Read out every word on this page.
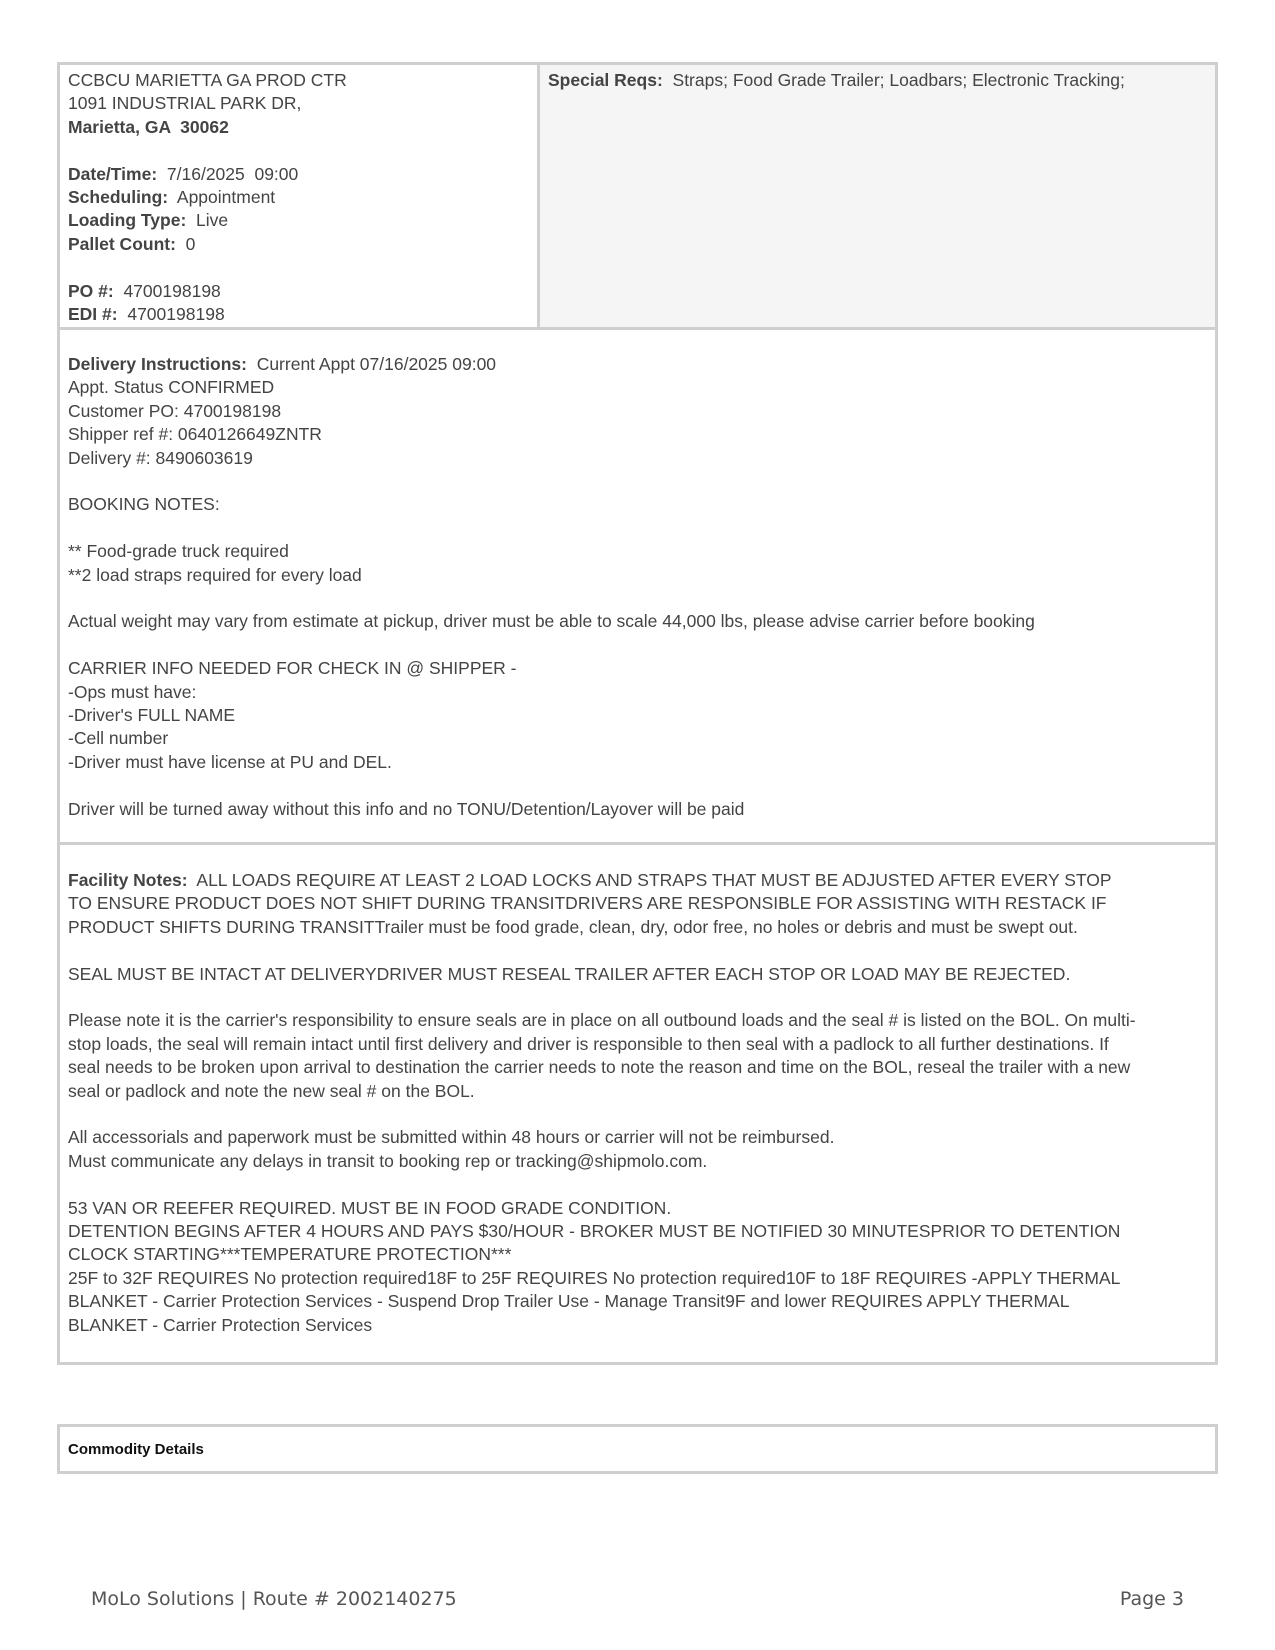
CCBCU MARIETTA GA PROD CTR
1091 INDUSTRIAL PARK DR,
Marietta, GA  30062
Date/Time: 7/16/2025  09:00
Scheduling: Appointment
Loading Type: Live
Pallet Count: 0
PO #: 4700198198
EDI #: 4700198198
Special Reqs: Straps; Food Grade Trailer; Loadbars; Electronic Tracking;
Delivery Instructions: Current Appt 07/16/2025 09:00
Appt. Status CONFIRMED
Customer PO: 4700198198
Shipper ref #: 0640126649ZNTR
Delivery #: 8490603619
BOOKING NOTES:
** Food-grade truck required
**2 load straps required for every load
Actual weight may vary from estimate at pickup, driver must be able to scale 44,000 lbs, please advise carrier before booking
CARRIER INFO NEEDED FOR CHECK IN @ SHIPPER -
-Ops must have:
-Driver's FULL NAME
-Cell number
-Driver must have license at PU and DEL.
Driver will be turned away without this info and no TONU/Detention/Layover will be paid
Facility Notes: ALL LOADS REQUIRE AT LEAST 2 LOAD LOCKS AND STRAPS THAT MUST BE ADJUSTED AFTER EVERY STOP
TO ENSURE PRODUCT DOES NOT SHIFT DURING TRANSITDRIVERS ARE RESPONSIBLE FOR ASSISTING WITH RESTACK IF
PRODUCT SHIFTS DURING TRANSITTrailer must be food grade, clean, dry, odor free, no holes or debris and must be swept out.
SEAL MUST BE INTACT AT DELIVERYDRIVER MUST RESEAL TRAILER AFTER EACH STOP OR LOAD MAY BE REJECTED.
Please note it is the carrier's responsibility to ensure seals are in place on all outbound loads and the seal # is listed on the BOL. On multi-
stop loads, the seal will remain intact until first delivery and driver is responsible to then seal with a padlock to all further destinations. If
seal needs to be broken upon arrival to destination the carrier needs to note the reason and time on the BOL, reseal the trailer with a new
seal or padlock and note the new seal # on the BOL.
All accessorials and paperwork must be submitted within 48 hours or carrier will not be reimbursed.
Must communicate any delays in transit to booking rep or tracking@shipmolo.com.
53 VAN OR REEFER REQUIRED. MUST BE IN FOOD GRADE CONDITION.
DETENTION BEGINS AFTER 4 HOURS AND PAYS $30/HOUR - BROKER MUST BE NOTIFIED 30 MINUTESPRIOR TO DETENTION
CLOCK STARTING***TEMPERATURE PROTECTION***
25F to 32F REQUIRES No protection required18F to 25F REQUIRES No protection required10F to 18F REQUIRES -APPLY THERMAL
BLANKET - Carrier Protection Services - Suspend Drop Trailer Use - Manage Transit9F and lower REQUIRES APPLY THERMAL
BLANKET - Carrier Protection Services
Commodity Details
MoLo Solutions | Route # 2002140275	Page 3
